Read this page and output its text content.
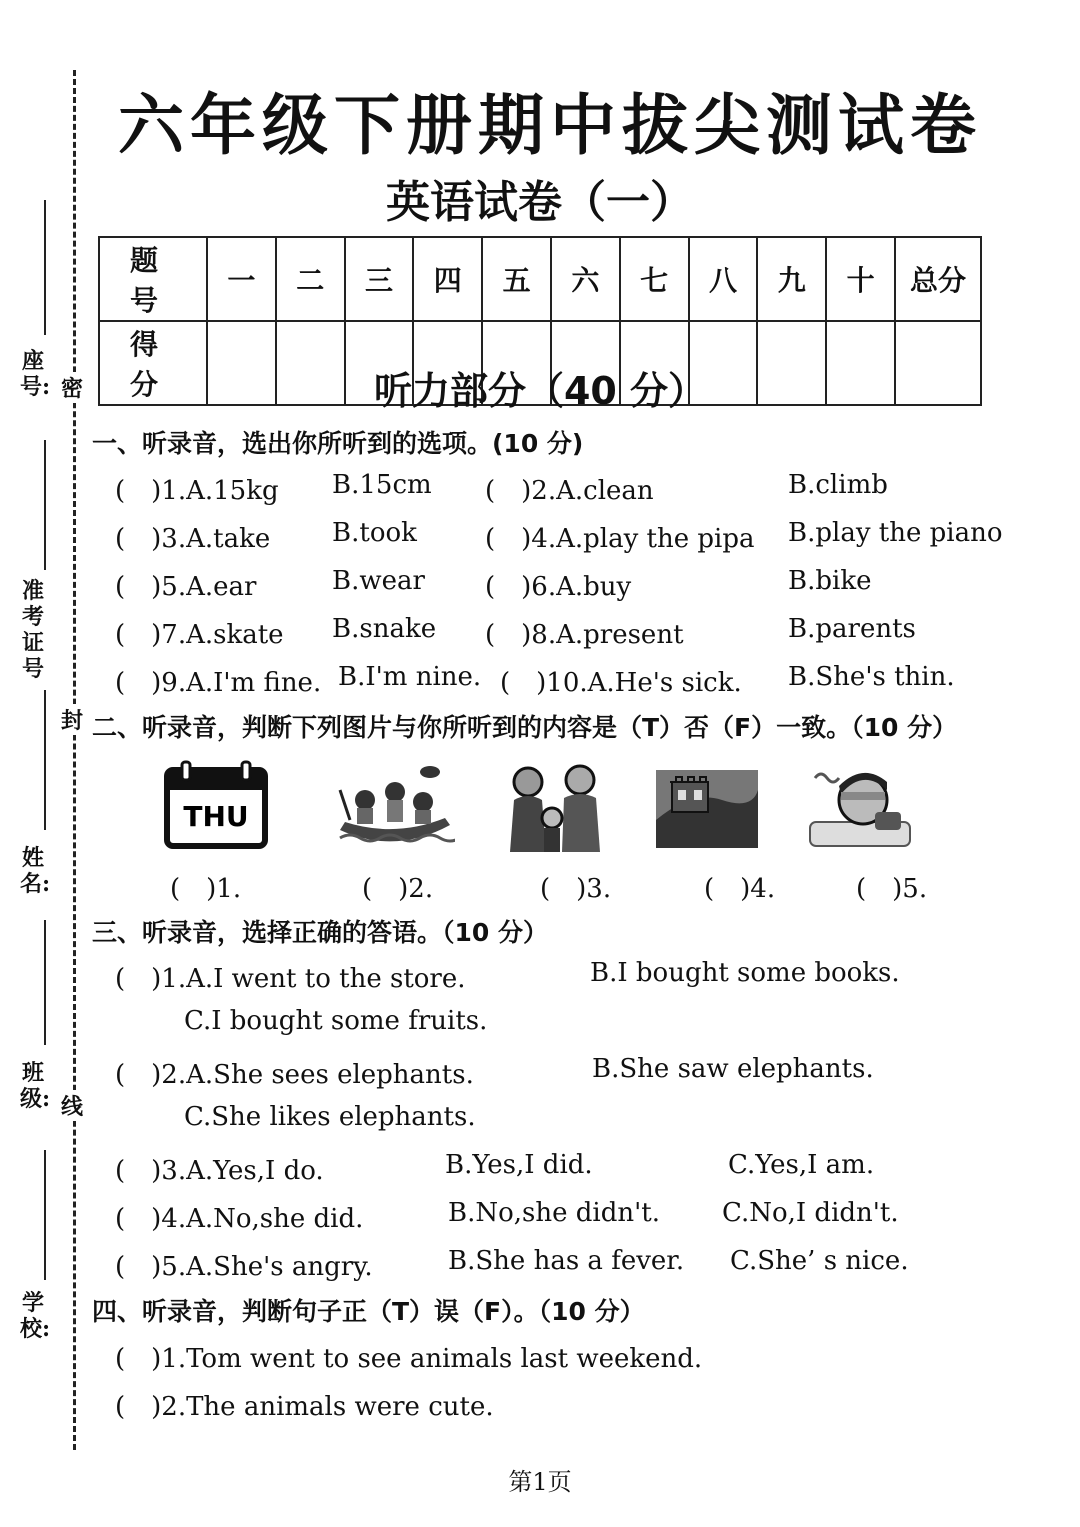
密
封
线
座号:
准考证号
姓名:
班级:
学校:
六年级下册期中拔尖测试卷
英语试卷（一）
题 号	一	二	三	四	五	六	七	八	九	十	总分
得 分												听力部分（40 分）
一、听录音，选出你所听到的选项。(10 分)
(　)1.A.15kg B.15cm (　)2.A.clean	B.climb
(　)3.A.take B.took	(　)4.A.play the pipa B.play the piano
(　)5.A.ear	B.wear (　)6.A.buy	B.bike
(　)7.A.skate B.snake (　)8.A.present	B.parents
(　)9.A.I'm fine. B.I'm nine. (　)10.A.He's sick. B.She's thin.
二、听录音，判断下列图片与你所听到的内容是（T）否（F）一致。（10 分）
THU
(　)1.	(　)2.	(　)3.	(　)4.	(　)5.
三、听录音，选择正确的答语。（10 分）
(　)1.A.I went to the store.	B.I bought some books.
C.I bought some fruits.
(　)2.A.She sees elephants.	B.She saw elephants.
C.She likes elephants.
(　)3.A.Yes,I do.	B.Yes,I did.	C.Yes,I am.
(　)4.A.No,she did.	B.No,she didn't. C.No,I didn't.
(　)5.A.She's angry.	B.She has a fever. C.She’ s nice.
四、听录音，判断句子正（T）误（F）。（10 分）
(　)1.Tom went to see animals last weekend.
(　)2.The animals were cute.
第1页
